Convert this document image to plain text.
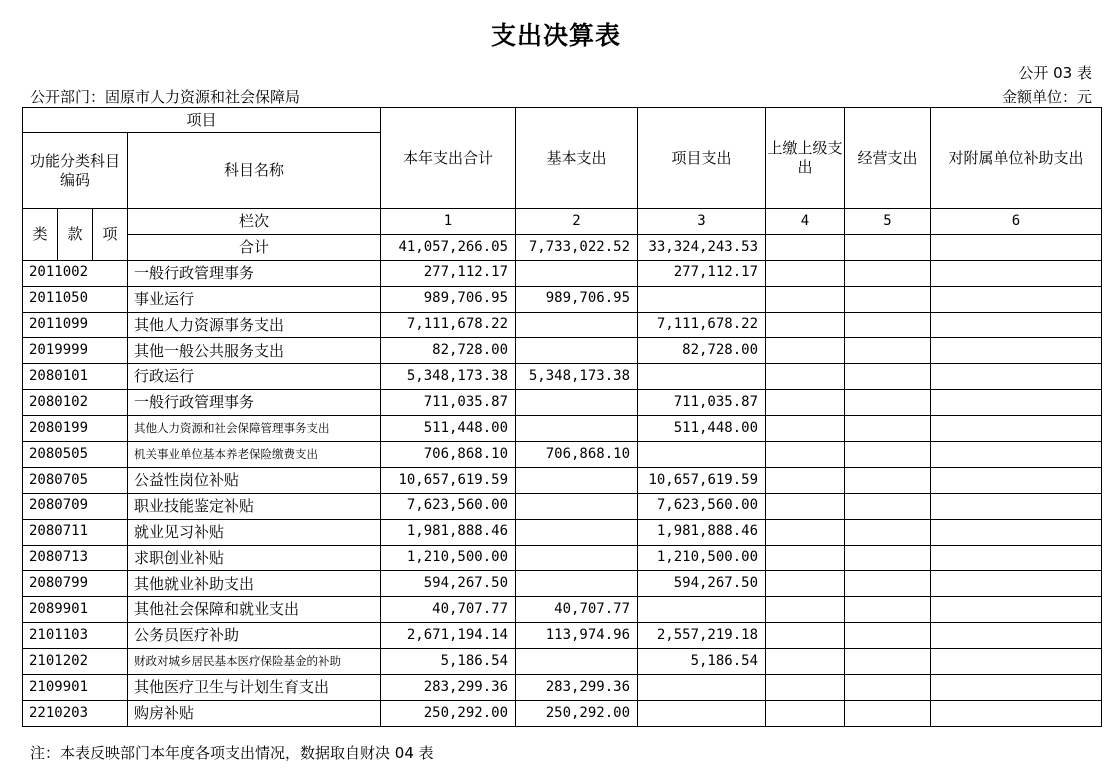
支出决算表
公开 03 表
公开部门：固原市人力资源和社会保障局	金额单位：元
项目				本年支出合计	基本支出	项目支出	上缴上级支出	经营支出	对附属单位补助支出
功能分类科目编码			科目名称						
类	款	项	栏次	1	2	3	4	5	6
			合计	41,057,266.05	7,733,022.52	33,324,243.53			
2011002			一般行政管理事务	277,112.17		277,112.17			
2011050			事业运行	989,706.95	989,706.95				
2011099			其他人力资源事务支出	7,111,678.22		7,111,678.22			
2019999			其他一般公共服务支出	82,728.00		82,728.00			
2080101			行政运行	5,348,173.38	5,348,173.38				
2080102			一般行政管理事务	711,035.87		711,035.87			
2080199			其他人力资源和社会保障管理事务支出	511,448.00		511,448.00			
2080505			机关事业单位基本养老保险缴费支出	706,868.10	706,868.10				
2080705			公益性岗位补贴	10,657,619.59		10,657,619.59			
2080709			职业技能鉴定补贴	7,623,560.00		7,623,560.00			
2080711			就业见习补贴	1,981,888.46		1,981,888.46			
2080713			求职创业补贴	1,210,500.00		1,210,500.00			
2080799			其他就业补助支出	594,267.50		594,267.50			
2089901			其他社会保障和就业支出	40,707.77	40,707.77				
2101103			公务员医疗补助	2,671,194.14	113,974.96	2,557,219.18			
2101202			财政对城乡居民基本医疗保险基金的补助	5,186.54		5,186.54			
2109901			其他医疗卫生与计划生育支出	283,299.36	283,299.36				
2210203			购房补贴	250,292.00	250,292.00				
注：本表反映部门本年度各项支出情况，数据取自财决 04 表
